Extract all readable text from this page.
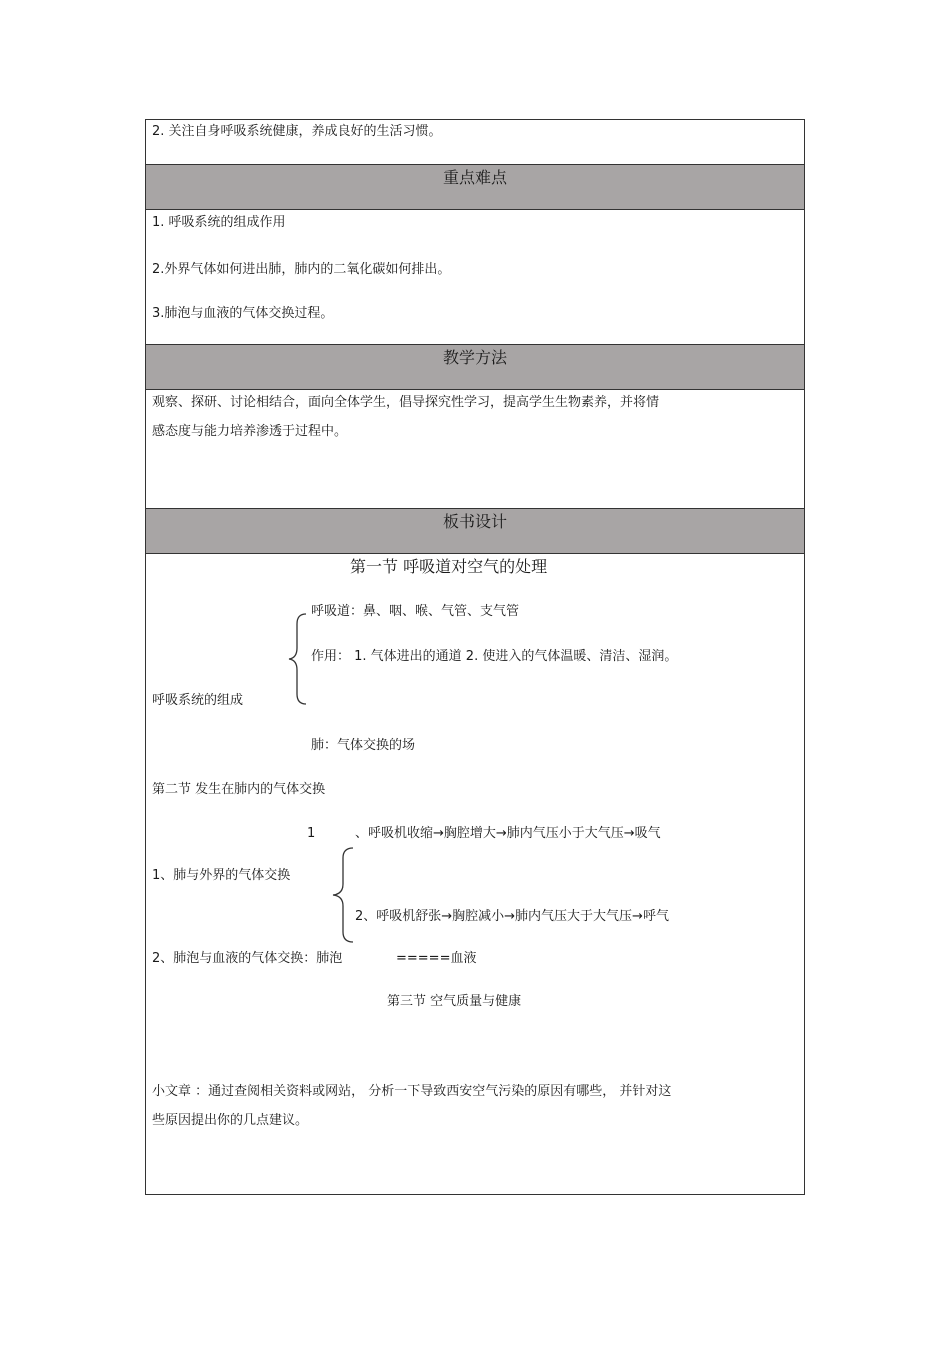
2. 关注自身呼吸系统健康，养成良好的生活习惯。
重点难点
1. 呼吸系统的组成作用
2.外界气体如何进出肺，肺内的二氧化碳如何排出。
3.肺泡与血液的气体交换过程。
教学方法
观察、探研、讨论相结合，面向全体学生，倡导探究性学习，提高学生生物素养，并将情
感态度与能力培养渗透于过程中。
板书设计
第一节 呼吸道对空气的处理
呼吸道：鼻、咽、喉、气管、支气管
作用： 1. 气体进出的通道 2. 使进入的气体温暖、清洁、湿润。
呼吸系统的组成
肺：气体交换的场
第二节 发生在肺内的气体交换
1	、呼吸机收缩→胸腔增大→肺内气压小于大气压→吸气
1、肺与外界的气体交换
2、呼吸机舒张→胸腔减小→肺内气压大于大气压→呼气
2、肺泡与血液的气体交换：肺泡	=====血液
第三节 空气质量与健康
小文章 ：通过查阅相关资料或网站， 分析一下导致西安空气污染的原因有哪些， 并针对这
些原因提出你的几点建议。
